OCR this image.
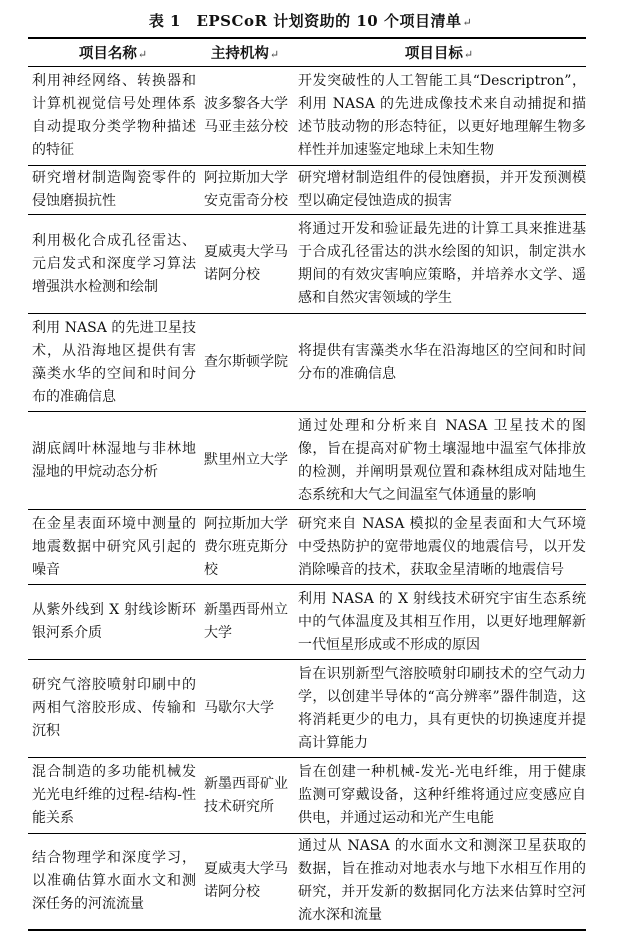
表 1　EPSCoR 计划资助的 10 个项目清单↵
项目名称↵	主持机构↵	项目目标↵
利用神经网络、转换器和计算机视觉信号处理体系自动提取分类学物种描述的特征	波多黎各大学马亚圭兹分校	开发突破性的人工智能工具“Descriptron”，利用 NASA 的先进成像技术来自动捕捉和描述节肢动物的形态特征，以更好地理解生物多样性并加速鉴定地球上未知生物
研究增材制造陶瓷零件的侵蚀磨损抗性	阿拉斯加大学安克雷奇分校	研究增材制造组件的侵蚀磨损，并开发预测模型以确定侵蚀造成的损害
利用极化合成孔径雷达、元启发式和深度学习算法增强洪水检测和绘制	夏威夷大学马诺阿分校	将通过开发和验证最先进的计算工具来推进基于合成孔径雷达的洪水绘图的知识，制定洪水期间的有效灾害响应策略，并培养水文学、遥感和自然灾害领域的学生
利用 NASA 的先进卫星技术，从沿海地区提供有害藻类水华的空间和时间分布的准确信息	查尔斯顿学院	将提供有害藻类水华在沿海地区的空间和时间分布的准确信息
湖底阔叶林湿地与非林地湿地的甲烷动态分析	默里州立大学	通过处理和分析来自 NASA 卫星技术的图像，旨在提高对矿物土壤湿地中温室气体排放的检测，并阐明景观位置和森林组成对陆地生态系统和大气之间温室气体通量的影响
在金星表面环境中测量的地震数据中研究风引起的噪音	阿拉斯加大学费尔班克斯分校	研究来自 NASA 模拟的金星表面和大气环境中受热防护的宽带地震仪的地震信号，以开发消除噪音的技术，获取金星清晰的地震信号
从紫外线到 X 射线诊断环银河系介质	新墨西哥州立大学	利用 NASA 的 X 射线技术研究宇宙生态系统中的气体温度及其相互作用，以更好地理解新一代恒星形成或不形成的原因
研究气溶胶喷射印刷中的两相气溶胶形成、传输和沉积	马歇尔大学	旨在识别新型气溶胶喷射印刷技术的空气动力学，以创建半导体的“高分辨率”器件制造，这将消耗更少的电力，具有更快的切换速度并提高计算能力
混合制造的多功能机械发光光电纤维的过程-结构-性能关系	新墨西哥矿业技术研究所	旨在创建一种机械-发光-光电纤维，用于健康监测可穿戴设备，这种纤维将通过应变感应自供电，并通过运动和光产生电能
结合物理学和深度学习，以准确估算水面水文和测深任务的河流流量	夏威夷大学马诺阿分校	通过从 NASA 的水面水文和测深卫星获取的数据，旨在推动对地表水与地下水相互作用的研究，并开发新的数据同化方法来估算时空河流水深和流量
